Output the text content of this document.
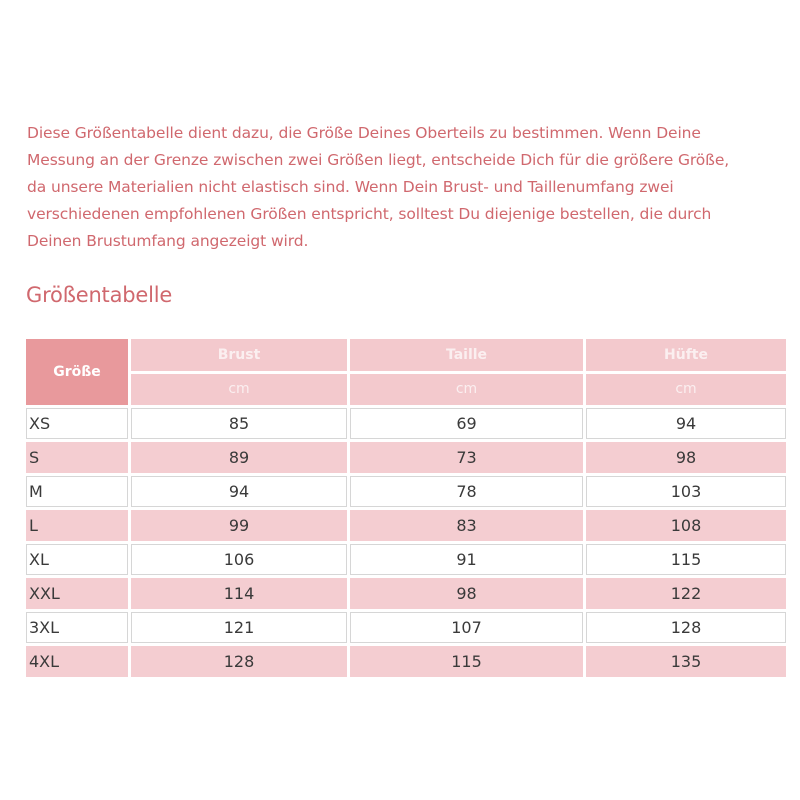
Diese Größentabelle dient dazu, die Größe Deines Oberteils zu bestimmen. Wenn Deine
Messung an der Grenze zwischen zwei Größen liegt, entscheide Dich für die größere Größe,
da unsere Materialien nicht elastisch sind. Wenn Dein Brust- und Taillenumfang zwei
verschiedenen empfohlenen Größen entspricht, solltest Du diejenige bestellen, die durch
Deinen Brustumfang angezeigt wird.

Größentabelle
Größe	Brust	Taille	Hüfte
	cm	cm	cm
XS	85	69	94
S	89	73	98
M	94	78	103
L	99	83	108
XL	106	91	115
XXL	114	98	122
3XL	121	107	128
4XL	128	115	135
